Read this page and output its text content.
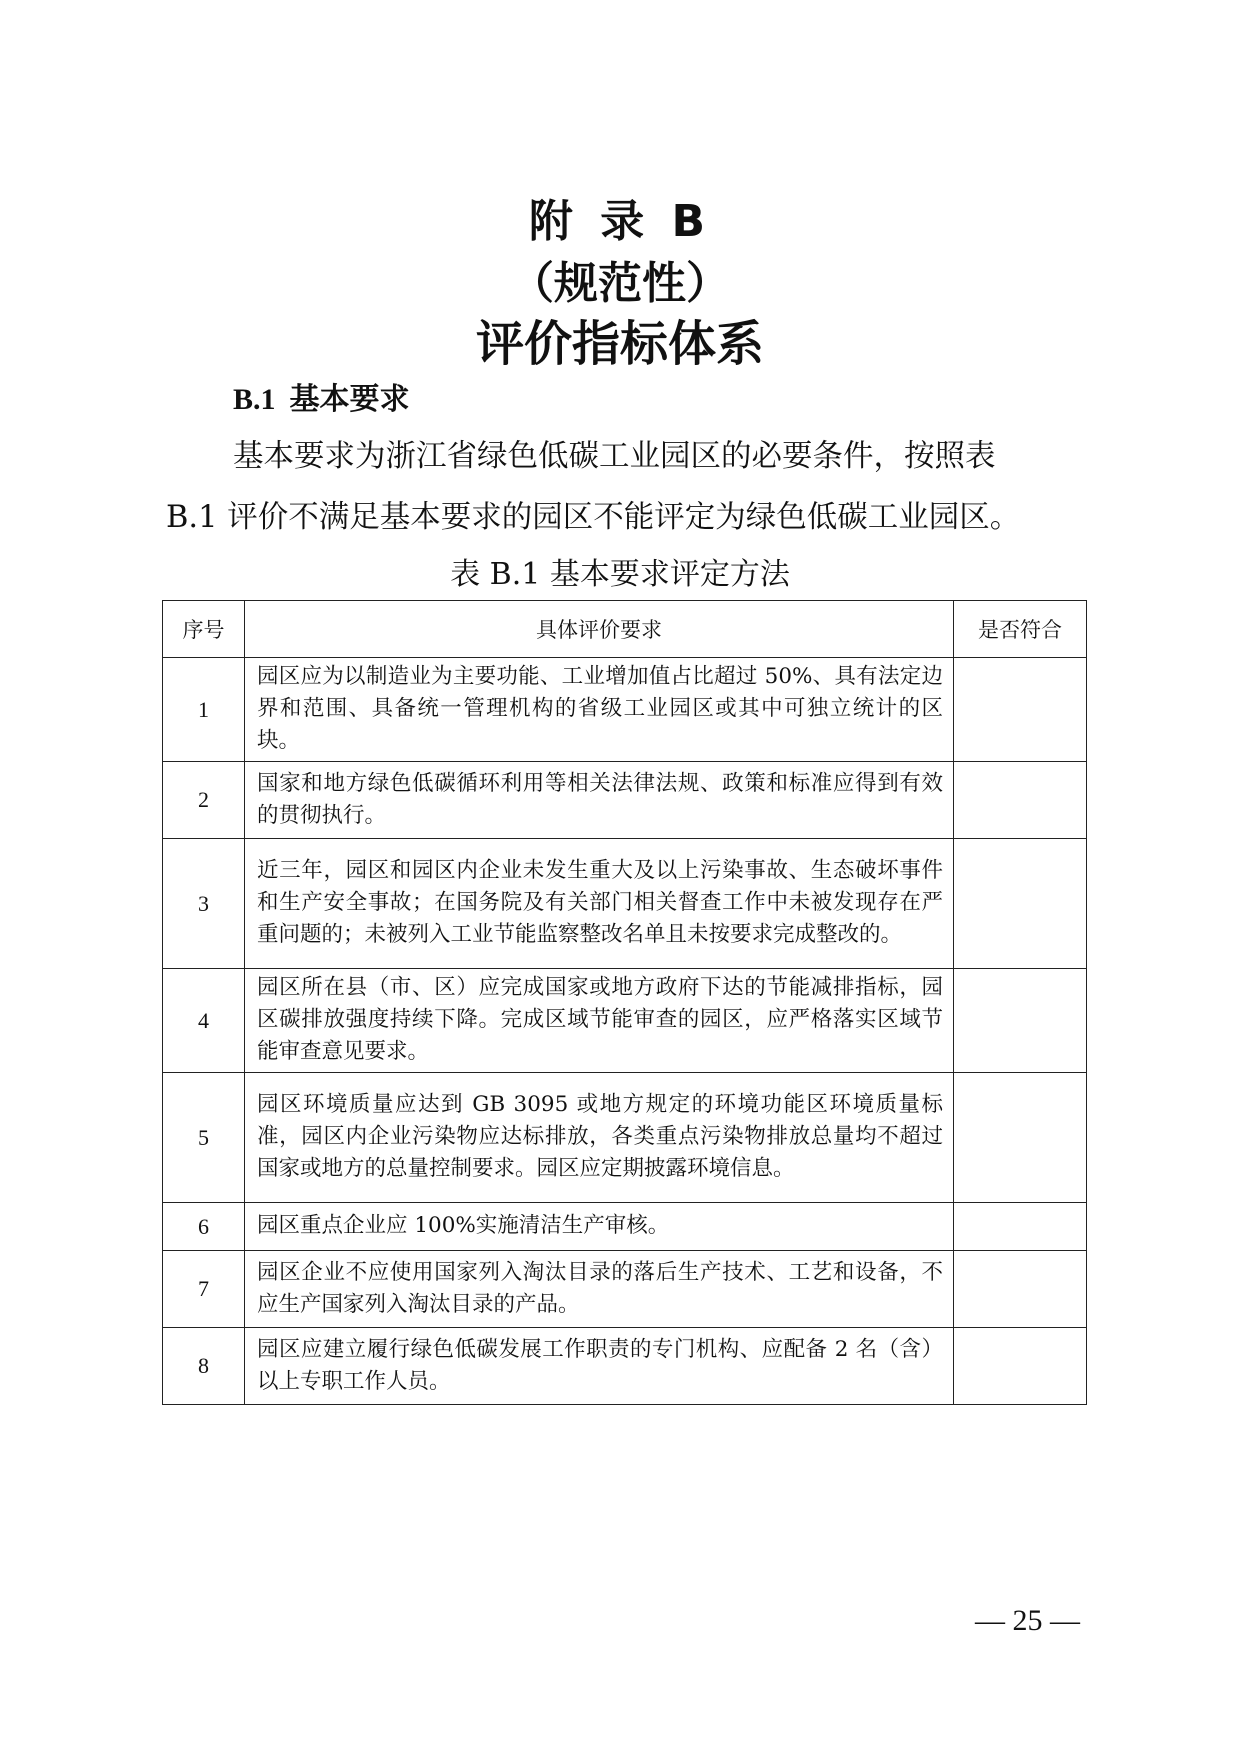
附 录 B
（规范性）
评价指标体系
B.1 基本要求

基本要求为浙江省绿色低碳工业园区的必要条件，按照表

B.1 评价不满足基本要求的园区不能评定为绿色低碳工业园区。

表 B.1 基本要求评定方法

序号	具体评价要求	是否符合
1	园区应为以制造业为主要功能、工业增加值占比超过 50%、具有法定边界和范围、具备统一管理机构的省级工业园区或其中可独立统计的区块。	
2	国家和地方绿色低碳循环利用等相关法律法规、政策和标准应得到有效的贯彻执行。	
3	近三年，园区和园区内企业未发生重大及以上污染事故、生态破坏事件和生产安全事故；在国务院及有关部门相关督查工作中未被发现存在严重问题的；未被列入工业节能监察整改名单且未按要求完成整改的。	
4	园区所在县（市、区）应完成国家或地方政府下达的节能减排指标，园区碳排放强度持续下降。完成区域节能审查的园区，应严格落实区域节能审查意见要求。	
5	园区环境质量应达到 GB 3095 或地方规定的环境功能区环境质量标准，园区内企业污染物应达标排放，各类重点污染物排放总量均不超过国家或地方的总量控制要求。园区应定期披露环境信息。	
6	园区重点企业应 100%实施清洁生产审核。	
7	园区企业不应使用国家列入淘汰目录的落后生产技术、工艺和设备，不应生产国家列入淘汰目录的产品。	
8	园区应建立履行绿色低碳发展工作职责的专门机构、应配备 2 名（含）以上专职工作人员。	

— 25 —
